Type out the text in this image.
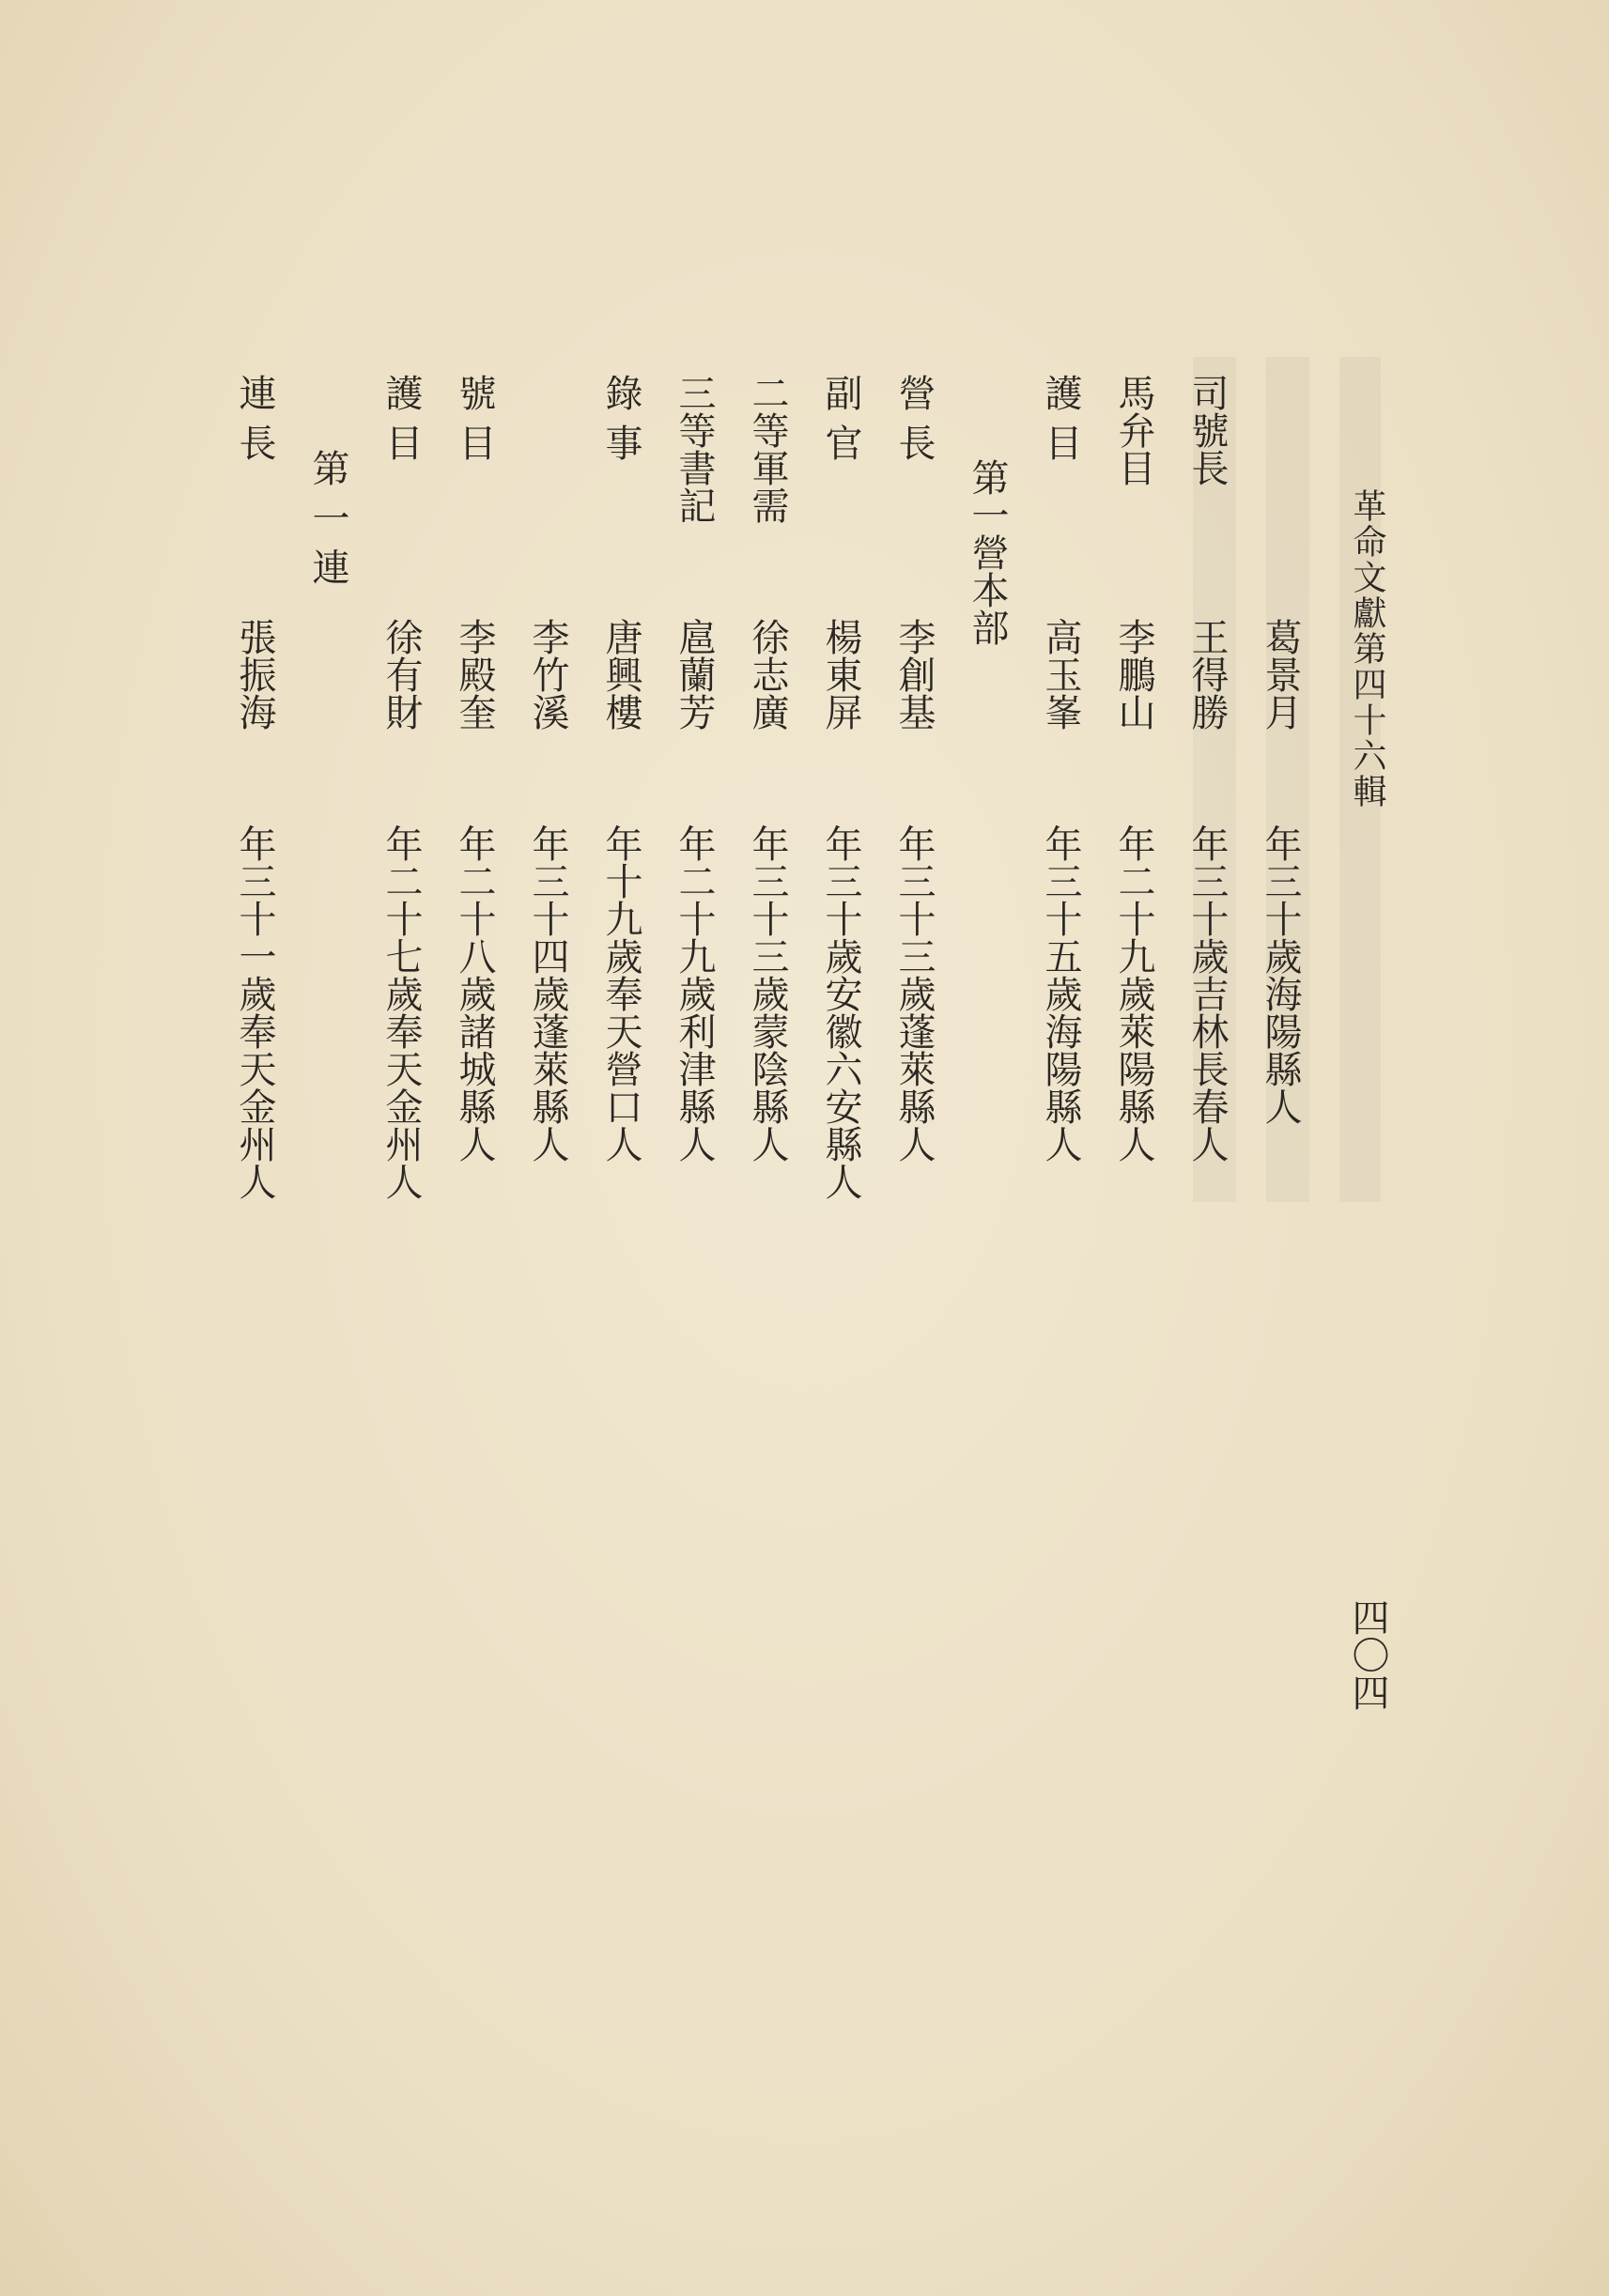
革命文獻第四十六輯
四〇四
葛景月
年三十歲海陽縣人
司號長
王得勝
年三十歲吉林長春人
馬弁目
李鵬山
年二十九歲萊陽縣人
護 目
高玉峯
年三十五歲海陽縣人
第一營本部
營 長
李創基
年三十三歲蓬萊縣人
副 官
楊東屏
年三十歲安徽六安縣人
二等軍需
徐志廣
年三十三歲蒙陰縣人
三等書記
扈蘭芳
年二十九歲利津縣人
錄 事
唐興樓
年十九歲奉天營口人
李竹溪
年三十四歲蓬萊縣人
號 目
李殿奎
年二十八歲諸城縣人
護 目
徐有財
年二十七歲奉天金州人
第 一 連
連 長
張振海
年三十一歲奉天金州人
